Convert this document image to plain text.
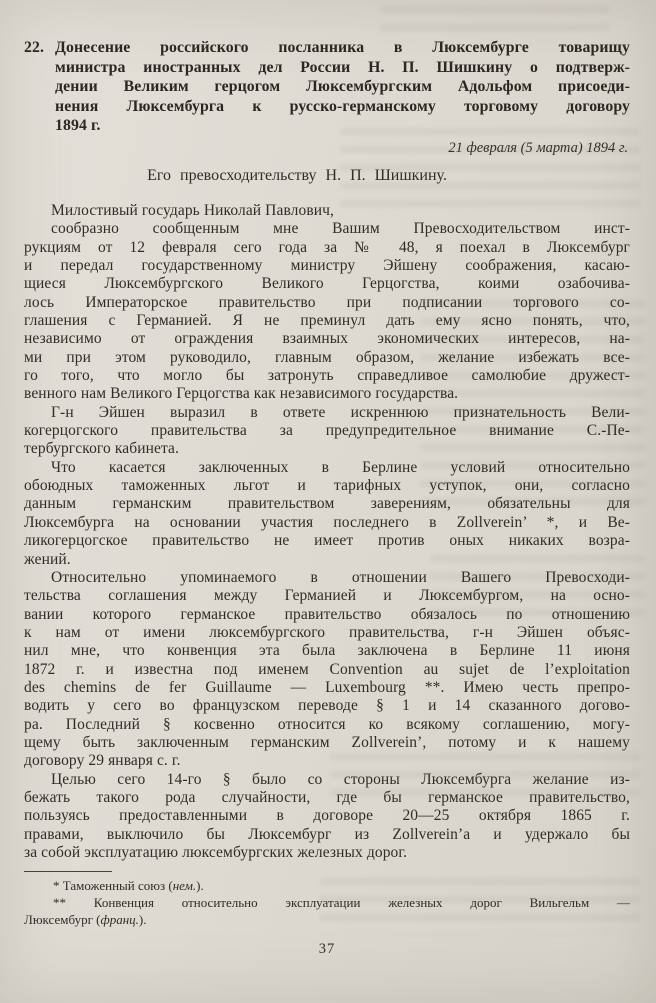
22. Донесение российского посланника в Люксембурге товарищу
министра иностранных дел России Н. П. Шишкину о подтверж-
дении Великим герцогом Люксембургским Адольфом присоеди-
нения Люксембурга к русско-германскому торговому договору
1894 г.
21 февраля (5 марта) 1894 г.
Его превосходительству Н. П. Шишкину.
Милостивый государь Николай Павлович,
сообразно сообщенным мне Вашим Превосходительством инст-
рукциям от 12 февраля сего года за № 48, я поехал в Люксембург
и передал государственному министру Эйшену соображения, касаю-
щиеся Люксембургского Великого Герцогства, коими озабочива-
лось Императорское правительство при подписании торгового со-
глашения с Германией. Я не преминул дать ему ясно понять, что,
независимо от ограждения взаимных экономических интересов, на-
ми при этом руководило, главным образом, желание избежать все-
го того, что могло бы затронуть справедливое самолюбие дружест-
венного нам Великого Герцогства как независимого государства.
Г-н Эйшен выразил в ответе искреннюю признательность Вели-
когерцогского правительства за предупредительное внимание С.-Пе-
тербургского кабинета.
Что касается заключенных в Берлине условий относительно
обоюдных таможенных льгот и тарифных уступок, они, согласно
данным германским правительством заверениям, обязательны для
Люксембурга на основании участия последнего в Zollverein’ *, и Ве-
ликогерцогское правительство не имеет против оных никаких возра-
жений.
Относительно упоминаемого в отношении Вашего Превосходи-
тельства соглашения между Германией и Люксембургом, на осно-
вании которого германское правительство обязалось по отношению
к нам от имени люксембургского правительства, г-н Эйшен объяс-
нил мне, что конвенция эта была заключена в Берлине 11 июня
1872 г. и известна под именем Convention au sujet de l’exploitation
des chemins de fer Guillaume — Luxembourg **. Имею честь препро-
водить у сего во французском переводе § 1 и 14 сказанного догово-
ра. Последний § косвенно относится ко всякому соглашению, могу-
щему быть заключенным германским Zollverein’, потому и к нашему
договору 29 января с. г.
Целью сего 14-го § было со стороны Люксембурга желание из-
бежать такого рода случайности, где бы германское правительство,
пользуясь предоставленными в договоре 20—25 октября 1865 г.
правами, выключило бы Люксембург из Zollverein’а и удержало бы
за собой эксплуатацию люксембургских железных дорог.
* Таможенный союз (нем.).
** Конвенция относительно эксплуатации железных дорог Вильгельм —
Люксембург (франц.).
37
